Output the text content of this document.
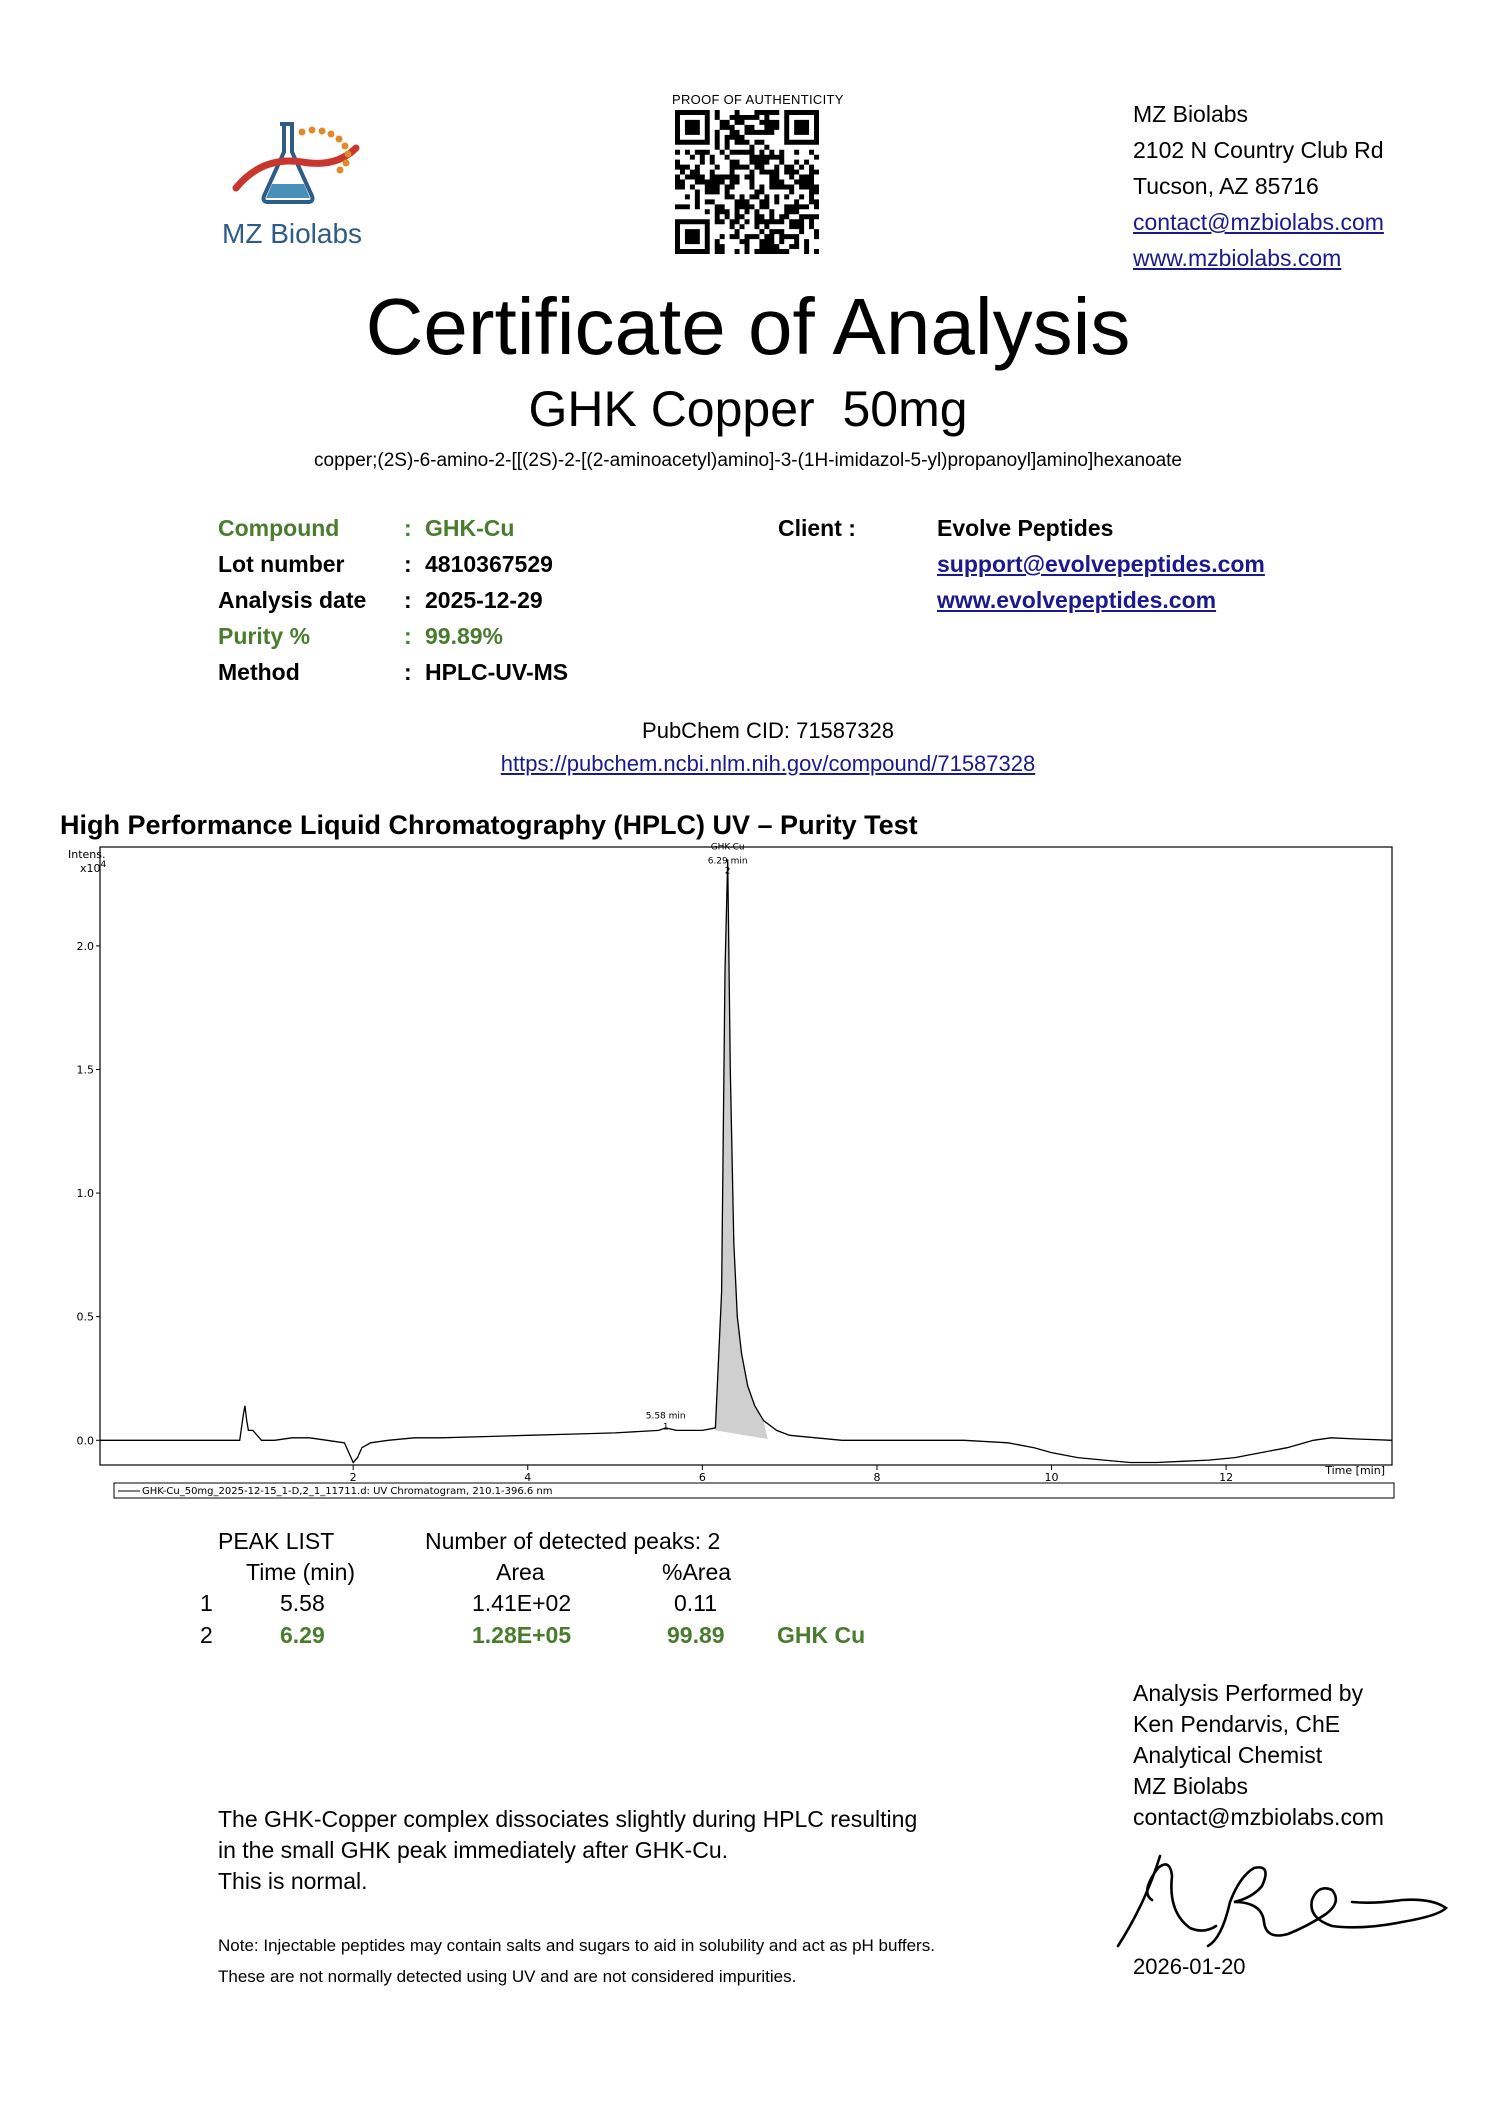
MZ Biolabs
PROOF OF AUTHENTICITY
MZ Biolabs
2102 N Country Club Rd
Tucson, AZ 85716
contact@mzbiolabs.com
www.mzbiolabs.com
Certificate of Analysis
GHK Copper  50mg
copper;(2S)-6-amino-2-[[(2S)-2-[(2-aminoacetyl)amino]-3-(1H-imidazol-5-yl)propanoyl]amino]hexanoate
Compound	: GHK-Cu
Lot number	: 4810367529
Analysis date : 2025-12-29
Purity %	: 99.89%
Method	: HPLC-UV-MS
Client :	Evolve Peptides
support@evolvepeptides.com
www.evolvepeptides.com
PubChem CID: 71587328
https://pubchem.ncbi.nlm.nih.gov/compound/71587328
High Performance Liquid Chromatography (HPLC) UV – Purity Test
Intens.
$x10^4$
Time [min]
2	4	6	8	10	12
0.0
0.5
1.0
1.5
2.0
GHK-Cu
6.29 min
2
5.58 min
1
GHK-Cu_50mg_2025-12-15_1-D,2_1_11711.d: UV Chromatogram, 210.1-396.6 nm
PEAK LIST	Number of detected peaks: 2
Time (min)	Area	%Area
1	5.58	1.41E+02	0.11
2	6.29	1.28E+05	99.89 GHK Cu
Analysis Performed by
Ken Pendarvis, ChE
Analytical Chemist
MZ Biolabs
contact@mzbiolabs.com
2026-01-20
The GHK-Copper complex dissociates slightly during HPLC resulting
in the small GHK peak immediately after GHK-Cu.
This is normal.
Note: Injectable peptides may contain salts and sugars to aid in solubility and act as pH buffers.
These are not normally detected using UV and are not considered impurities.
